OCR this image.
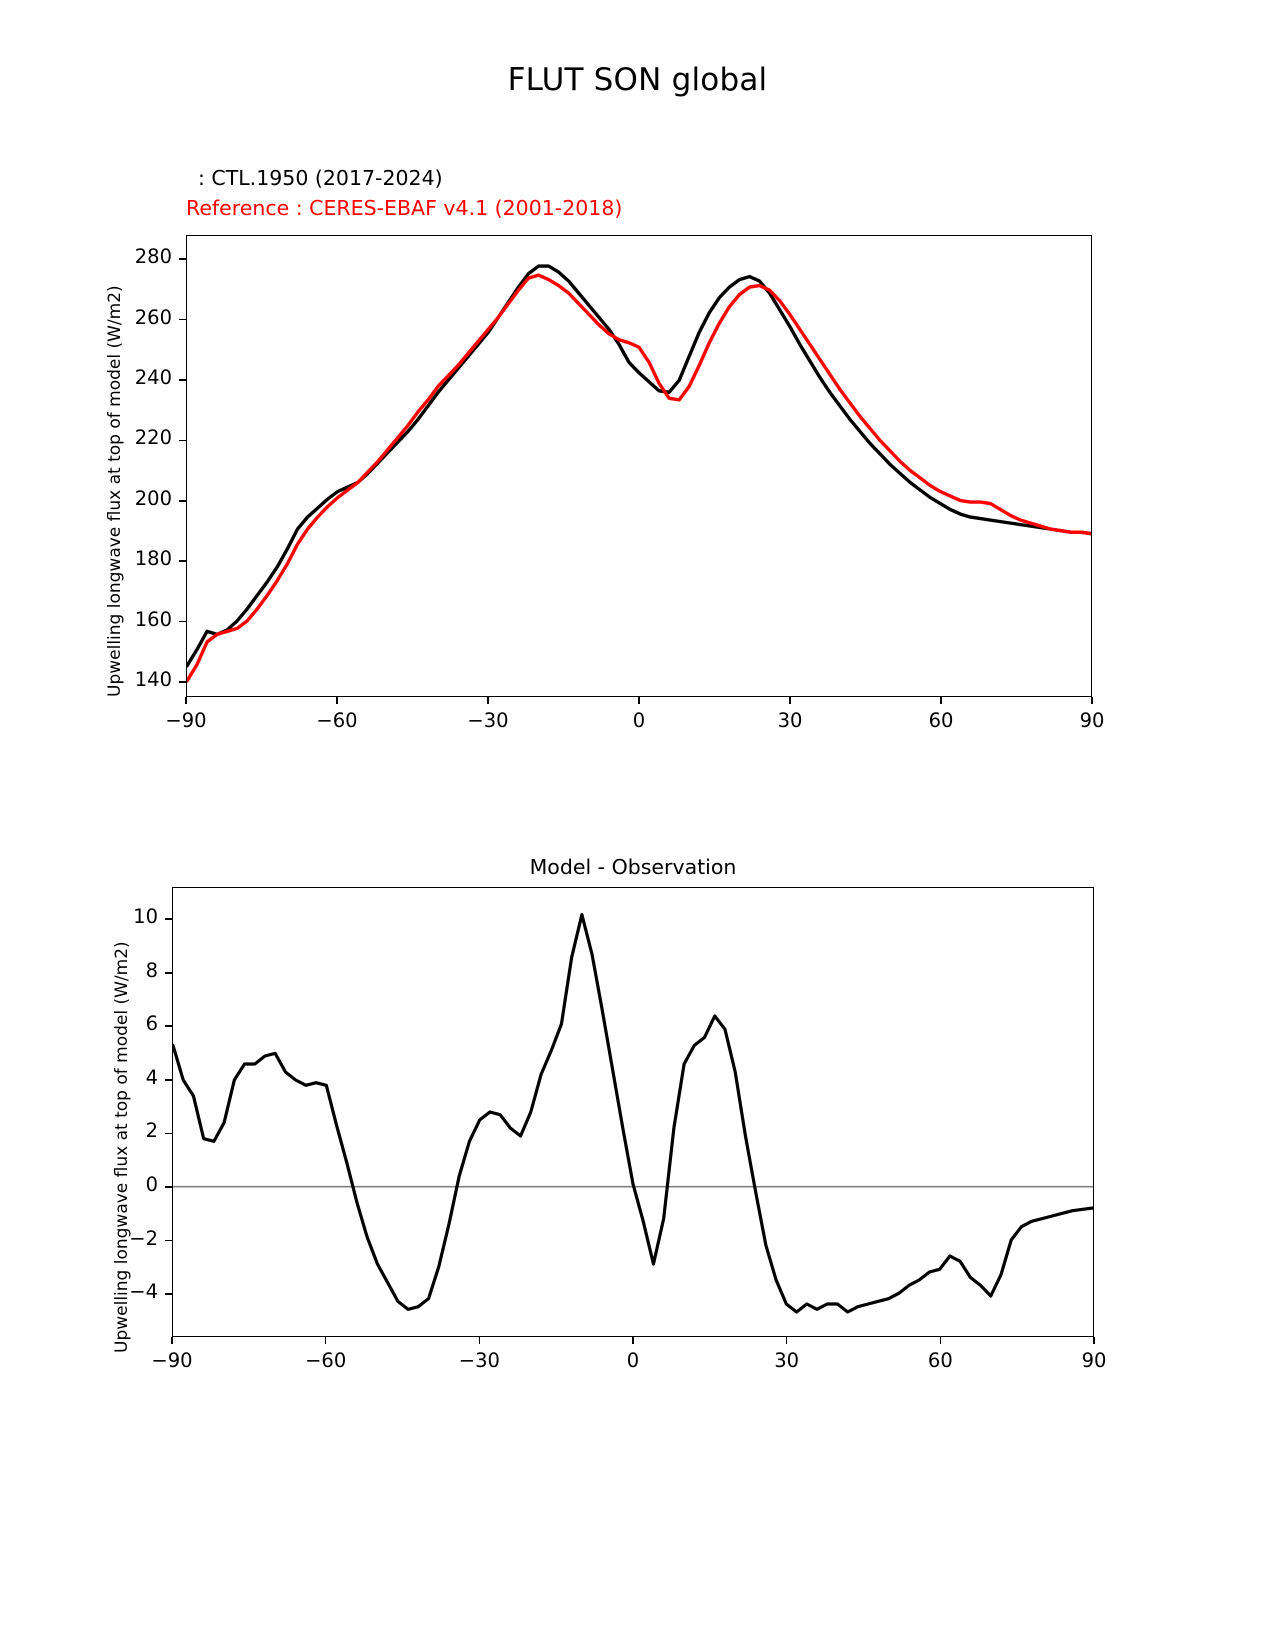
FLUT SON global
: CTL.1950 (2017-2024)
Reference : CERES-EBAF v4.1 (2001-2018)
Upwelling longwave flux at top of model (W/m2) 140
160
180
200
220
240
260
280
−90	−60	−30	0	30	60	90
Model - Observation
Upwelling longwave flux at top of model (W/m2)
−4
−2
0
2
4
6
8
10
−90	−60	−30	0	30	60	90
